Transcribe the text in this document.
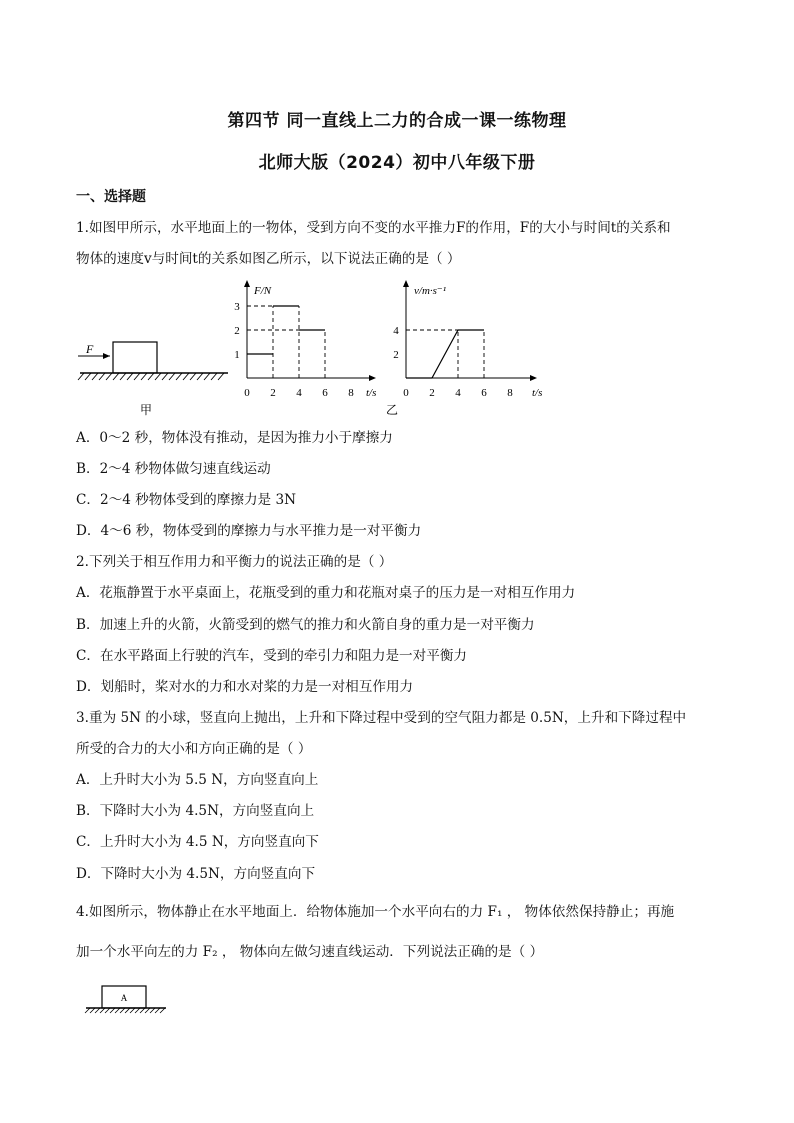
第四节 同一直线上二力的合成一课一练物理
北师大版（2024）初中八年级下册
一、选择题
1.如图甲所示，水平地面上的一物体，受到方向不变的水平推力F的作用，F的大小与时间t的关系和
物体的速度v与时间t的关系如图乙所示，以下说法正确的是（ ）
F
甲
F/N
t/s
0 2 4 6 8
1
2
3
v/m·s⁻¹
t/s
乙
0 2 4 6 8
2
4
A．0～2 秒，物体没有推动，是因为推力小于摩擦力
B．2～4 秒物体做匀速直线运动
C．2～4 秒物体受到的摩擦力是 3N
D．4～6 秒，物体受到的摩擦力与水平推力是一对平衡力
2.下列关于相互作用力和平衡力的说法正确的是（ ）
A．花瓶静置于水平桌面上，花瓶受到的重力和花瓶对桌子的压力是一对相互作用力
B．加速上升的火箭，火箭受到的燃气的推力和火箭自身的重力是一对平衡力
C．在水平路面上行驶的汽车，受到的牵引力和阻力是一对平衡力
D．划船时，桨对水的力和水对桨的力是一对相互作用力
3.重为 5N 的小球，竖直向上抛出，上升和下降过程中受到的空气阻力都是 0.5N，上升和下降过程中
所受的合力的大小和方向正确的是（ ）
A．上升时大小为 5.5 N，方向竖直向上
B．下降时大小为 4.5N，方向竖直向上
C．上升时大小为 4.5 N，方向竖直向下
D．下降时大小为 4.5N，方向竖直向下
4.如图所示，物体静止在水平地面上．给物体施加一个水平向右的力 F₁ ， 物体依然保持静止；再施
加一个水平向左的力 F₂ ， 物体向左做匀速直线运动．下列说法正确的是（ ）
A
